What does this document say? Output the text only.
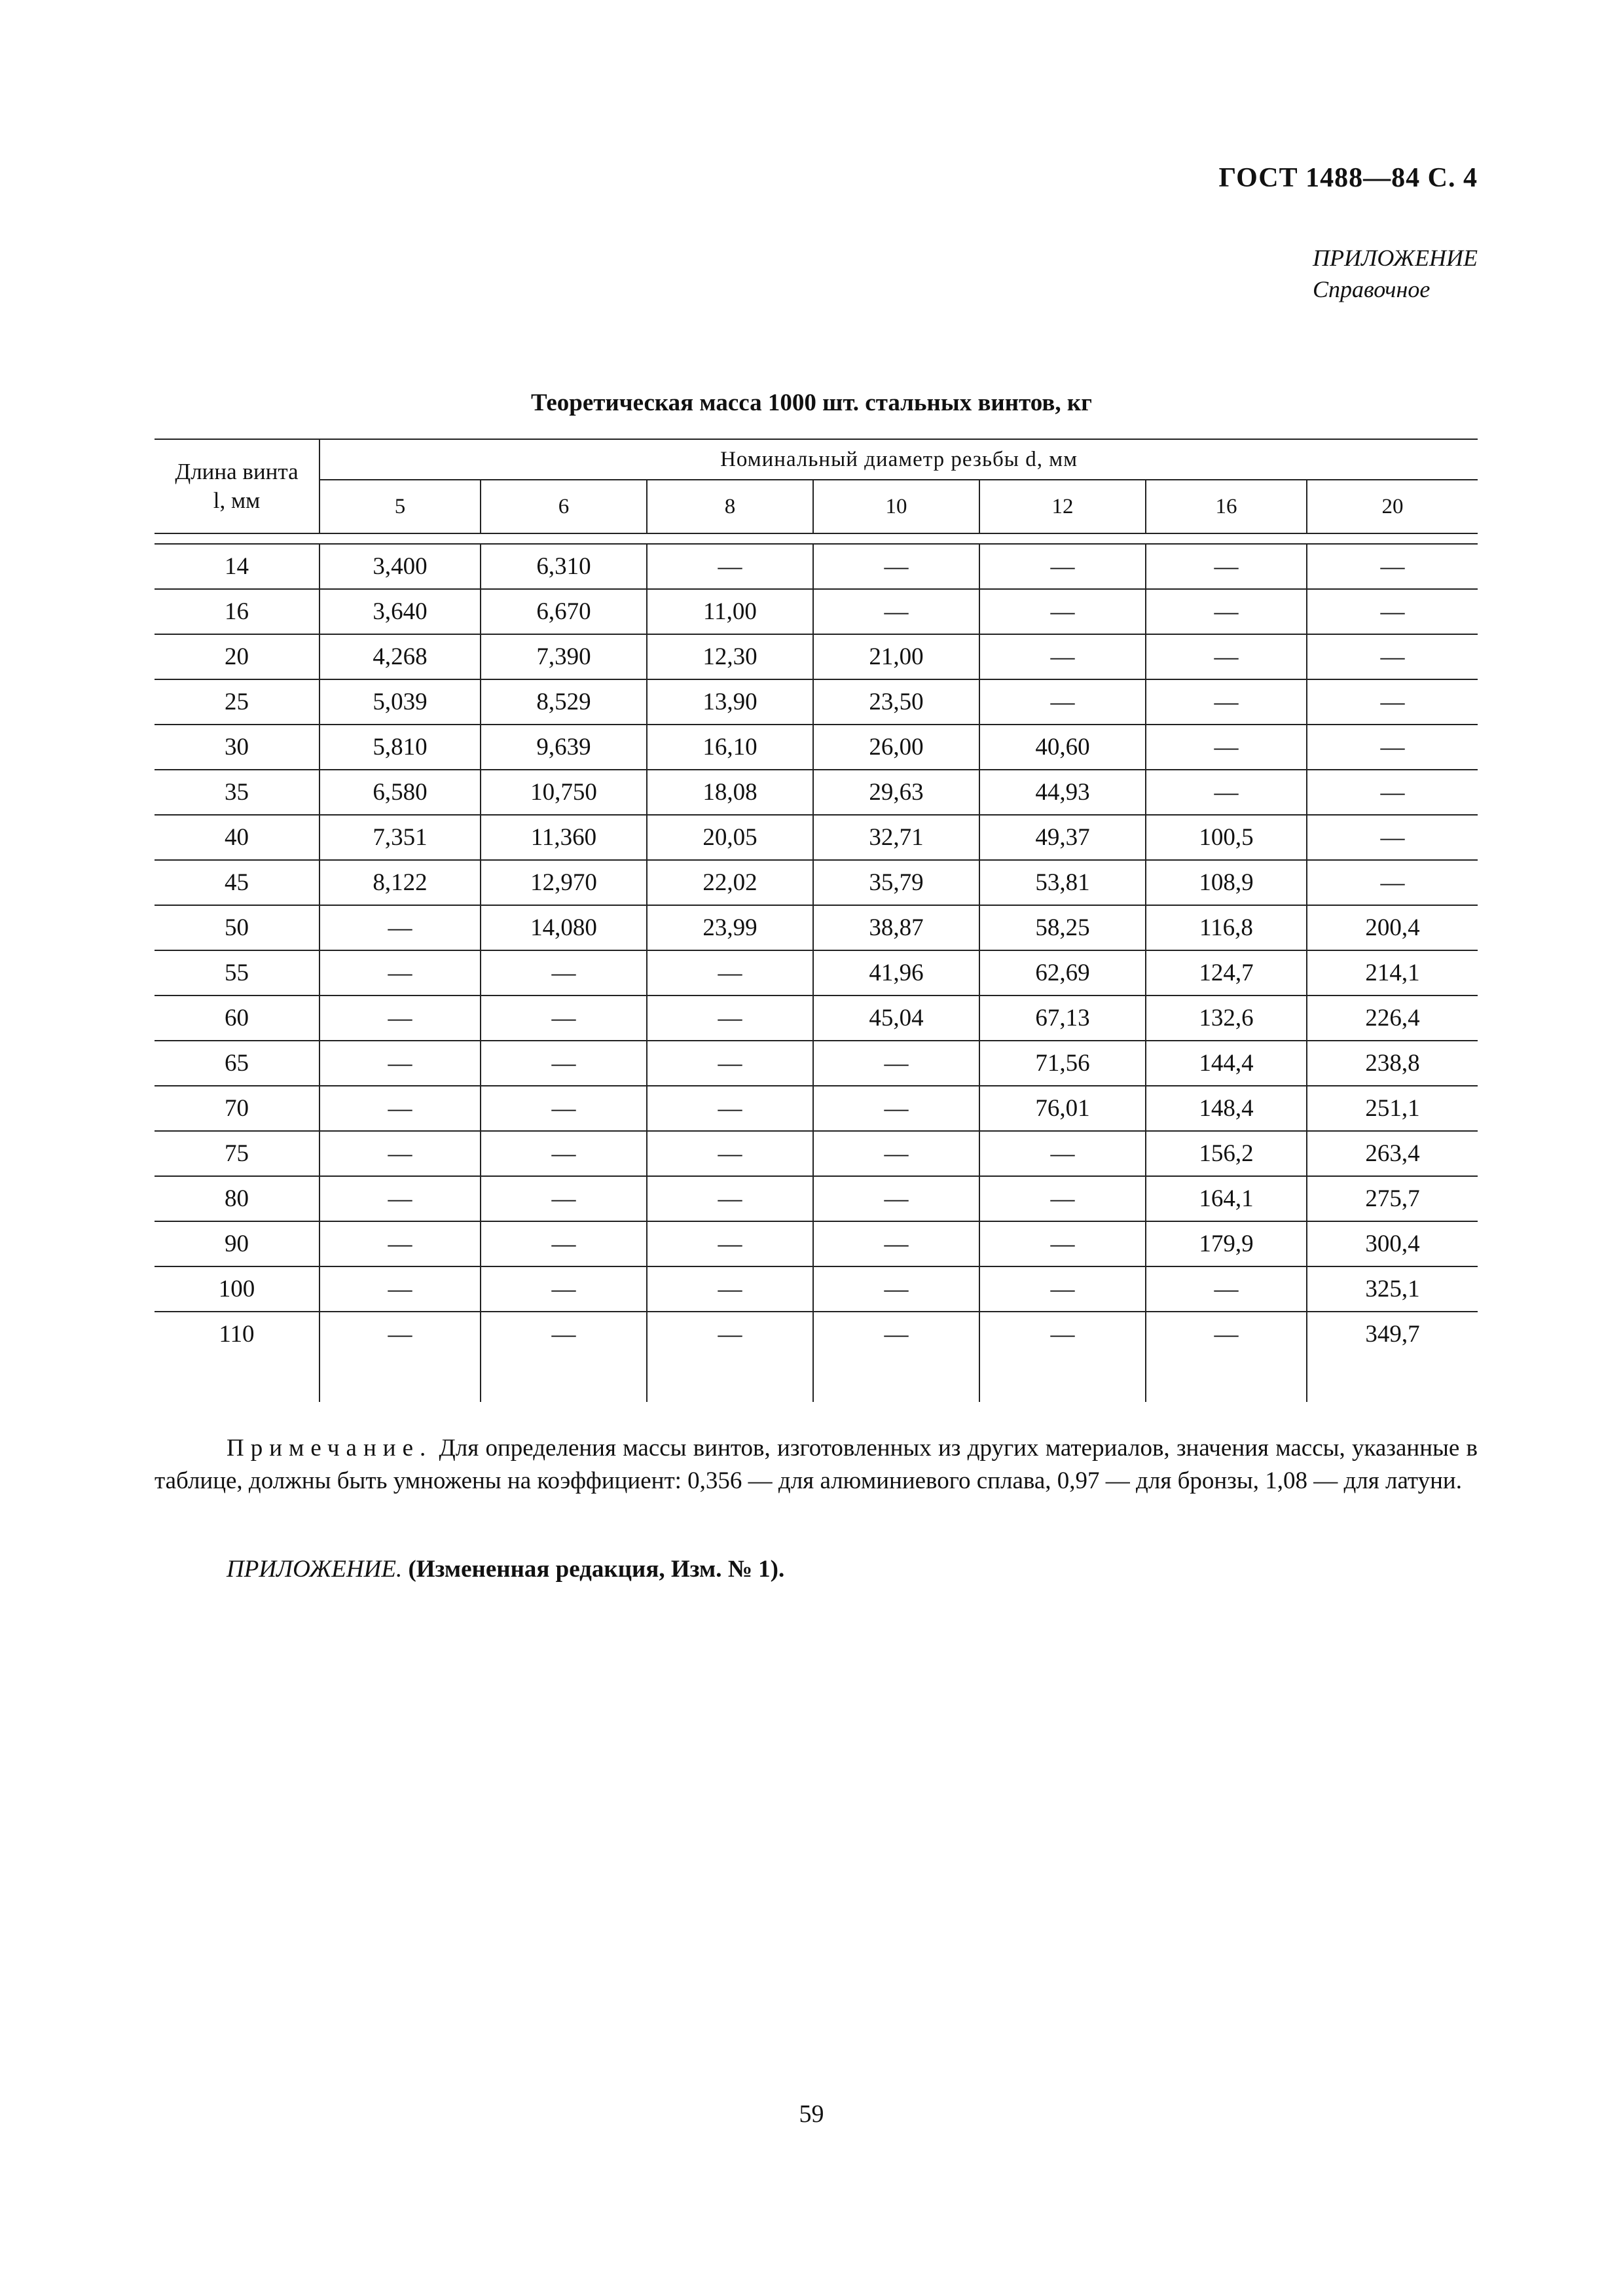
ГОСТ 1488—84 С. 4
ПРИЛОЖЕНИЕ
Справочное
Теоретическая масса 1000 шт. стальных винтов, кг
Длина винта
l, мм	Номинальный диаметр резьбы d, мм						
	5	6	8	10	12	16	20

14	3,400	6,310	—	—	—	—	—
16	3,640	6,670	11,00	—	—	—	—
20	4,268	7,390	12,30	21,00	—	—	—
25	5,039	8,529	13,90	23,50	—	—	—
30	5,810	9,639	16,10	26,00	40,60	—	—
35	6,580	10,750	18,08	29,63	44,93	—	—
40	7,351	11,360	20,05	32,71	49,37	100,5	—
45	8,122	12,970	22,02	35,79	53,81	108,9	—
50	—	14,080	23,99	38,87	58,25	116,8	200,4
55	—	—	—	41,96	62,69	124,7	214,1
60	—	—	—	45,04	67,13	132,6	226,4
65	—	—	—	—	71,56	144,4	238,8
70	—	—	—	—	76,01	148,4	251,1
75	—	—	—	—	—	156,2	263,4
80	—	—	—	—	—	164,1	275,7
90	—	—	—	—	—	179,9	300,4
100	—	—	—	—	—	—	325,1
110	—	—	—	—	—	—	349,7

Примечание. Для определения массы винтов, изготовленных из других материалов, значения массы, указанные в таблице, должны быть умножены на коэффициент: 0,356 — для алюминиевого сплава, 0,97 — для бронзы, 1,08 — для латуни.
ПРИЛОЖЕНИЕ. (Измененная редакция, Изм. № 1).
59
